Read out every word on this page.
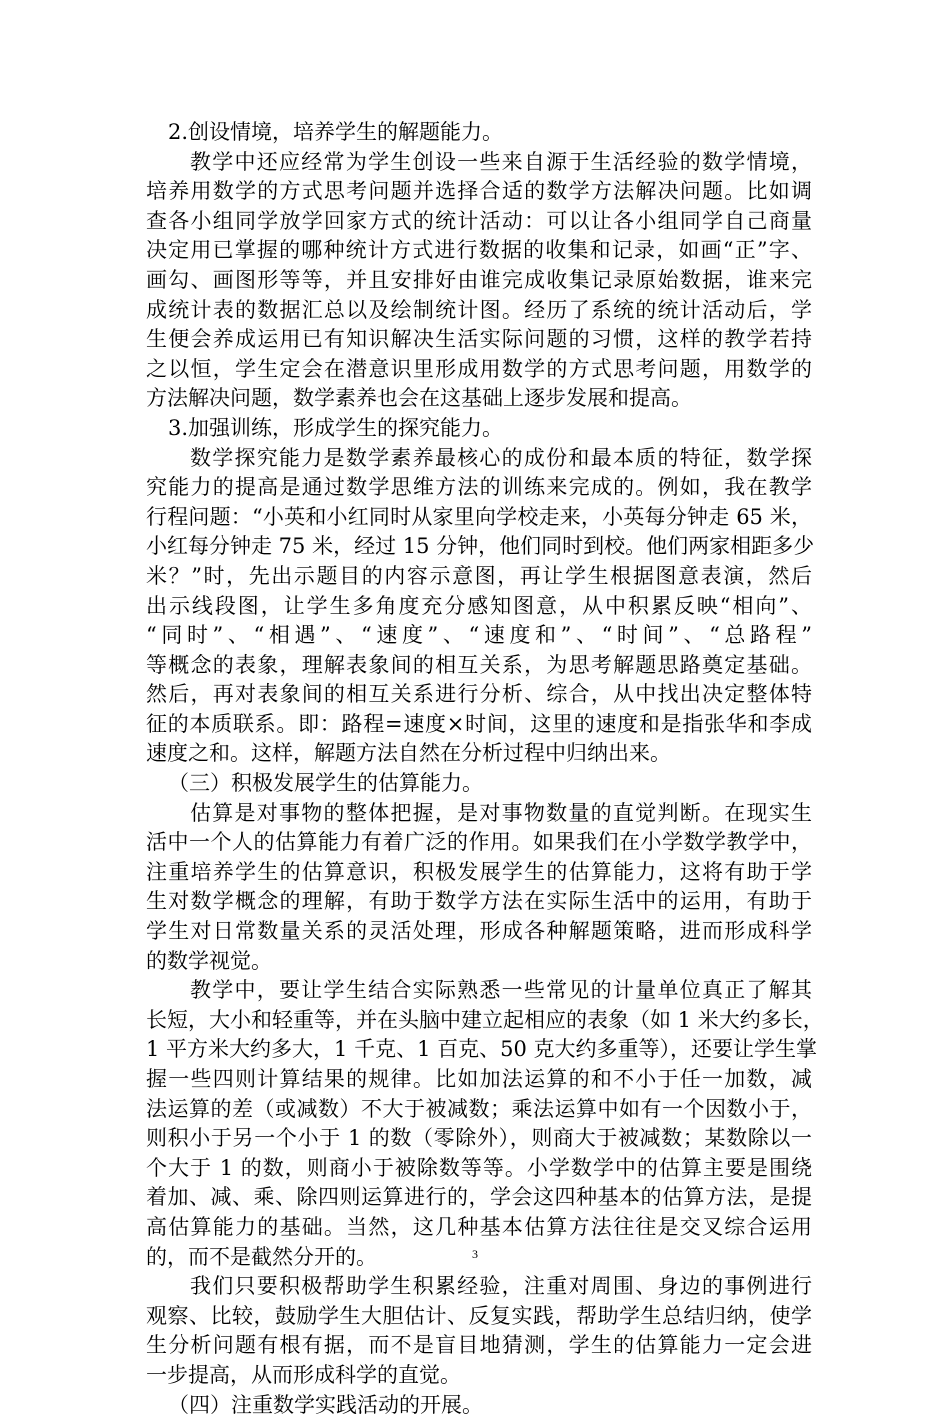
2.创设情境，培养学生的解题能力。
教学中还应经常为学生创设一些来自源于生活经验的数学情境，
培养用数学的方式思考问题并选择合适的数学方法解决问题。比如调
查各小组同学放学回家方式的统计活动：可以让各小组同学自己商量
决定用已掌握的哪种统计方式进行数据的收集和记录，如画“正”字、
画勾、画图形等等，并且安排好由谁完成收集记录原始数据，谁来完
成统计表的数据汇总以及绘制统计图。经历了系统的统计活动后，学
生便会养成运用已有知识解决生活实际问题的习惯，这样的教学若持
之以恒，学生定会在潜意识里形成用数学的方式思考问题，用数学的
方法解决问题，数学素养也会在这基础上逐步发展和提高。
3.加强训练，形成学生的探究能力。
数学探究能力是数学素养最核心的成份和最本质的特征，数学探
究能力的提高是通过数学思维方法的训练来完成的。例如，我在教学
行程问题：“小英和小红同时从家里向学校走来，小英每分钟走 65 米，
小红每分钟走 75 米，经过 15 分钟，他们同时到校。他们两家相距多少
米？”时，先出示题目的内容示意图，再让学生根据图意表演，然后
出示线段图，让学生多角度充分感知图意，从中积累反映“相向”、
“同时”、“相遇”、“速度”、“速度和”、“时间”、“总路程”
等概念的表象，理解表象间的相互关系，为思考解题思路奠定基础。
然后，再对表象间的相互关系进行分析、综合，从中找出决定整体特
征的本质联系。即：路程=速度×时间，这里的速度和是指张华和李成
速度之和。这样，解题方法自然在分析过程中归纳出来。
（三）积极发展学生的估算能力。
估算是对事物的整体把握，是对事物数量的直觉判断。在现实生
活中一个人的估算能力有着广泛的作用。如果我们在小学数学教学中，
注重培养学生的估算意识，积极发展学生的估算能力，这将有助于学
生对数学概念的理解，有助于数学方法在实际生活中的运用，有助于
学生对日常数量关系的灵活处理，形成各种解题策略，进而形成科学
的数学视觉。
教学中，要让学生结合实际熟悉一些常见的计量单位真正了解其
长短，大小和轻重等，并在头脑中建立起相应的表象（如 1 米大约多长，
1 平方米大约多大，1 千克、1 百克、50 克大约多重等），还要让学生掌
握一些四则计算结果的规律。比如加法运算的和不小于任一加数，减
法运算的差（或减数）不大于被减数；乘法运算中如有一个因数小于，
则积小于另一个小于 1 的数（零除外），则商大于被减数；某数除以一
个大于 1 的数，则商小于被除数等等。小学数学中的估算主要是围绕
着加、减、乘、除四则运算进行的，学会这四种基本的估算方法，是提
高估算能力的基础。当然，这几种基本估算方法往往是交叉综合运用
的，而不是截然分开的。
我们只要积极帮助学生积累经验，注重对周围、身边的事例进行
观察、比较，鼓励学生大胆估计、反复实践，帮助学生总结归纳，使学
生分析问题有根有据，而不是盲目地猜测，学生的估算能力一定会进
一步提高，从而形成科学的直觉。
（四）注重数学实践活动的开展。
3
